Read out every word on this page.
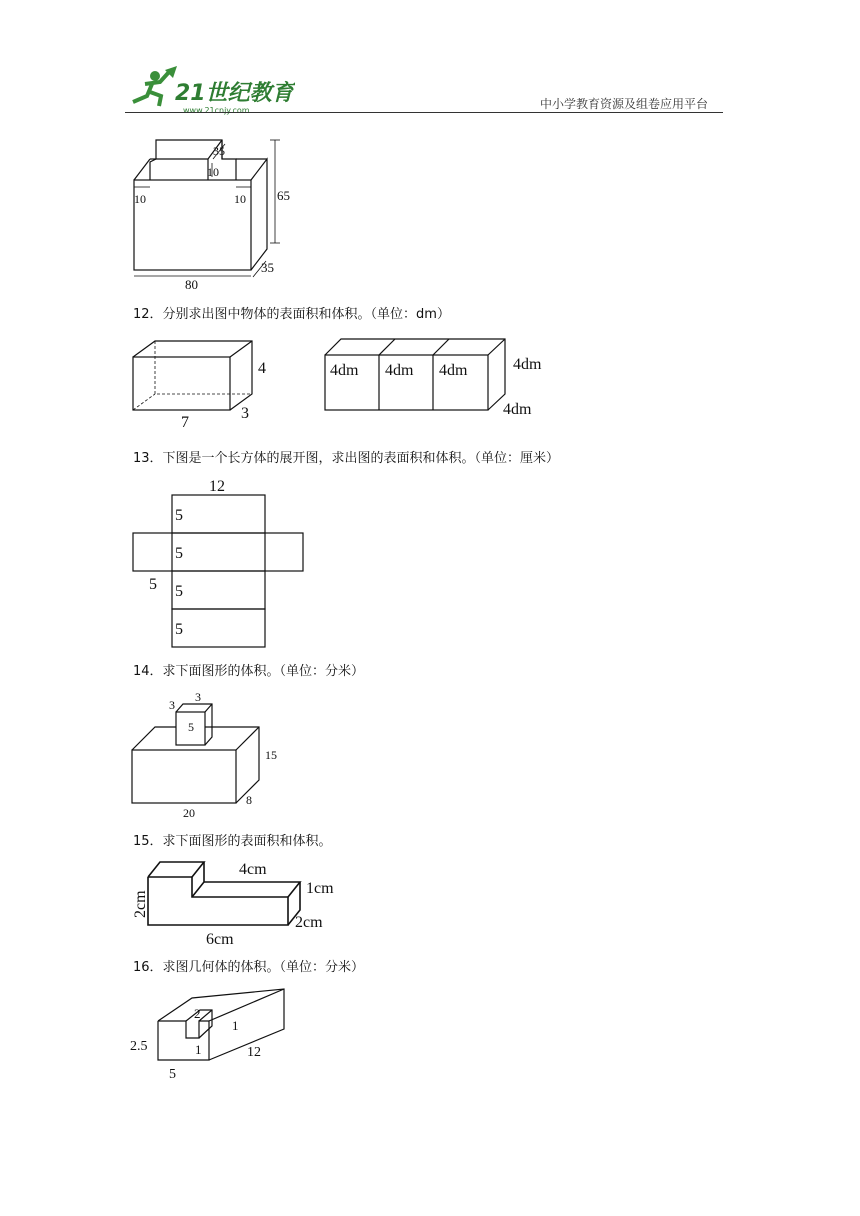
21世纪教育
www.21cnjy.com	中小学教育资源及组卷应用平台
35
10
10	10 65
80
35
12．分别求出图中物体的表面积和体积。（单位：dm）
4
7
3
4dm 4dm 4dm	4dm
4dm
13．下图是一个长方体的展开图，求出图的表面积和体积。（单位：厘米）
12
5
5
5 5
5
14．求下面图形的体积。（单位：分米）
3
3
5
15
20
8
15．求下面图形的表面积和体积。
4cm
2cm
1cm
2cm
6cm
16．求图几何体的体积。（单位：分米）
2
1
1
2.5	12
5
